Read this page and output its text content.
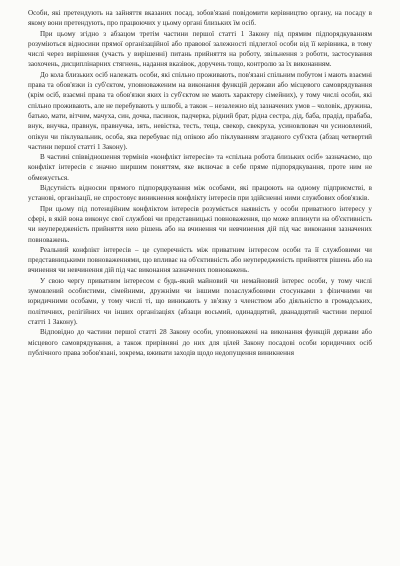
Особи, які претендують на зайняття вказаних посад, зобов'язані повідомити керівництво органу, на посаду в якому вони претендують, про працюючих у цьому органі близьких їм осіб.

При цьому згідно з абзацом третім частини першої статті 1 Закону під прямим підпорядкуванням розуміються відносини прямої організаційної або правової залежності підлеглої особи від її керівника, в тому числі через вирішення (участь у вирішенні) питань прийняття на роботу, звільнення з роботи, застосування заохочень, дисциплінарних стягнень, надання вказівок, доручень тощо, контролю за їх виконанням.

До кола близьких осіб належать особи, які спільно проживають, пов'язані спільним побутом і мають взаємні права та обов'язки із суб'єктом, уповноваженим на виконання функцій держави або місцевого самоврядування (крім осіб, взаємні права та обов'язки яких із суб'єктом не мають характеру сімейних), у тому числі особи, які спільно проживають, але не перебувають у шлюбі, а також – незалежно від зазначених умов – чоловік, дружина, батько, мати, вітчим, мачуха, син, дочка, пасинок, падчерка, рідний брат, рідна сестра, дід, баба, прадід, прабаба, внук, внучка, правнук, правнучка, зять, невістка, тесть, теща, свекор, свекруха, усиновлювач чи усиновлений, опікун чи піклувальник, особа, яка перебуває під опікою або піклуванням згаданого суб'єкта (абзац четвертий частини першої статті 1 Закону).

В частині співвідношення термінів «конфлікт інтересів» та «спільна робота близьких осіб» зазначаємо, що конфлікт інтересів є значно ширшим поняттям, яке включає в себе пряме підпорядкування, проте ним не обмежується.

Відсутність відносин прямого підпорядкування між особами, які працюють на одному підприємстві, в установі, організації, не спростовує виникнення конфлікту інтересів при здійсненні ними службових обов'язків.

При цьому під потенційним конфліктом інтересів розуміється наявність у особи приватного інтересу у сфері, в якій вона виконує свої службові чи представницькі повноваження, що може вплинути на об'єктивність чи неупередженість прийняття нею рішень або на вчинення чи невчинення дій під час виконання зазначених повноважень.

Реальний конфлікт інтересів – це суперечність між приватним інтересом особи та її службовими чи представницькими повноваженнями, що впливає на об'єктивність або неупередженість прийняття рішень або на вчинення чи невчинення дій під час виконання зазначених повноважень.

У свою чергу приватним інтересом є будь-який майновий чи немайновий інтерес особи, у тому числі зумовлений особистими, сімейними, дружніми чи іншими позаслужбовими стосунками з фізичними чи юридичними особами, у тому числі ті, що виникають у зв'язку з членством або діяльністю в громадських, політичних, релігійних чи інших організаціях (абзаци восьмий, одинадцятий, дванадцятий частини першої статті 1 Закону).

Відповідно до частини першої статті 28 Закону особи, уповноважені на виконання функцій держави або місцевого самоврядування, а також прирівняні до них для цілей Закону посадові особи юридичних осіб публічного права зобов'язані, зокрема, вживати заходів щодо недопущення виникнення
